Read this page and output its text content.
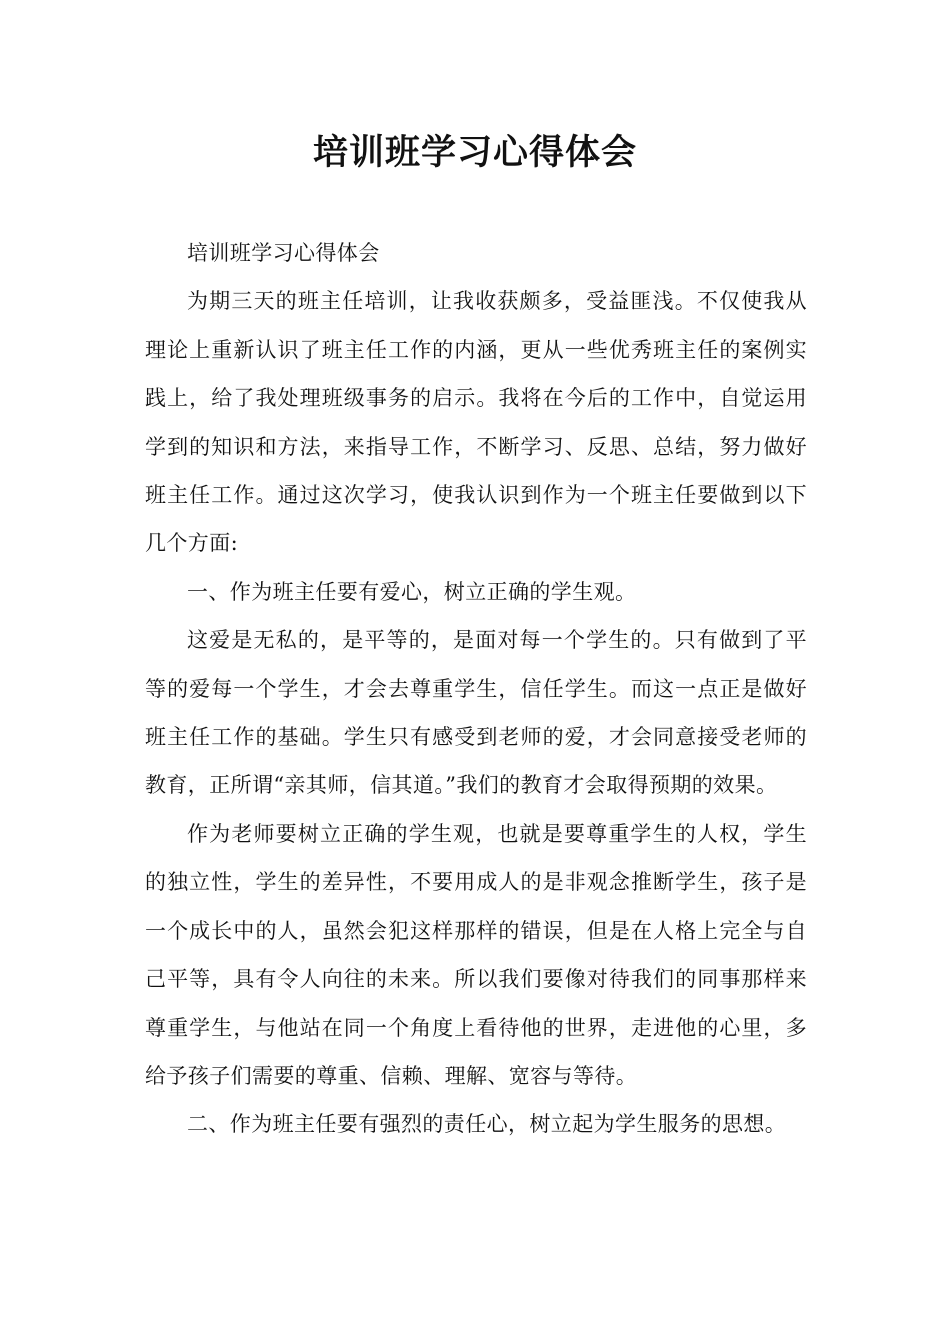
培训班学习心得体会

培训班学习心得体会

为期三天的班主任培训，让我收获颇多，受益匪浅。不仅使我从理论上重新认识了班主任工作的内涵，更从一些优秀班主任的案例实践上，给了我处理班级事务的启示。我将在今后的工作中，自觉运用学到的知识和方法，来指导工作，不断学习、反思、总结，努力做好班主任工作。通过这次学习，使我认识到作为一个班主任要做到以下几个方面:

一、作为班主任要有爱心，树立正确的学生观。

这爱是无私的，是平等的，是面对每一个学生的。只有做到了平等的爱每一个学生，才会去尊重学生，信任学生。而这一点正是做好班主任工作的基础。学生只有感受到老师的爱，才会同意接受老师的教育，正所谓“亲其师，信其道。”我们的教育才会取得预期的效果。

作为老师要树立正确的学生观，也就是要尊重学生的人权，学生的独立性，学生的差异性，不要用成人的是非观念推断学生，孩子是一个成长中的人，虽然会犯这样那样的错误，但是在人格上完全与自己平等，具有令人向往的未来。所以我们要像对待我们的同事那样来尊重学生，与他站在同一个角度上看待他的世界，走进他的心里，多给予孩子们需要的尊重、信赖、理解、宽容与等待。

二、作为班主任要有强烈的责任心，树立起为学生服务的思想。
